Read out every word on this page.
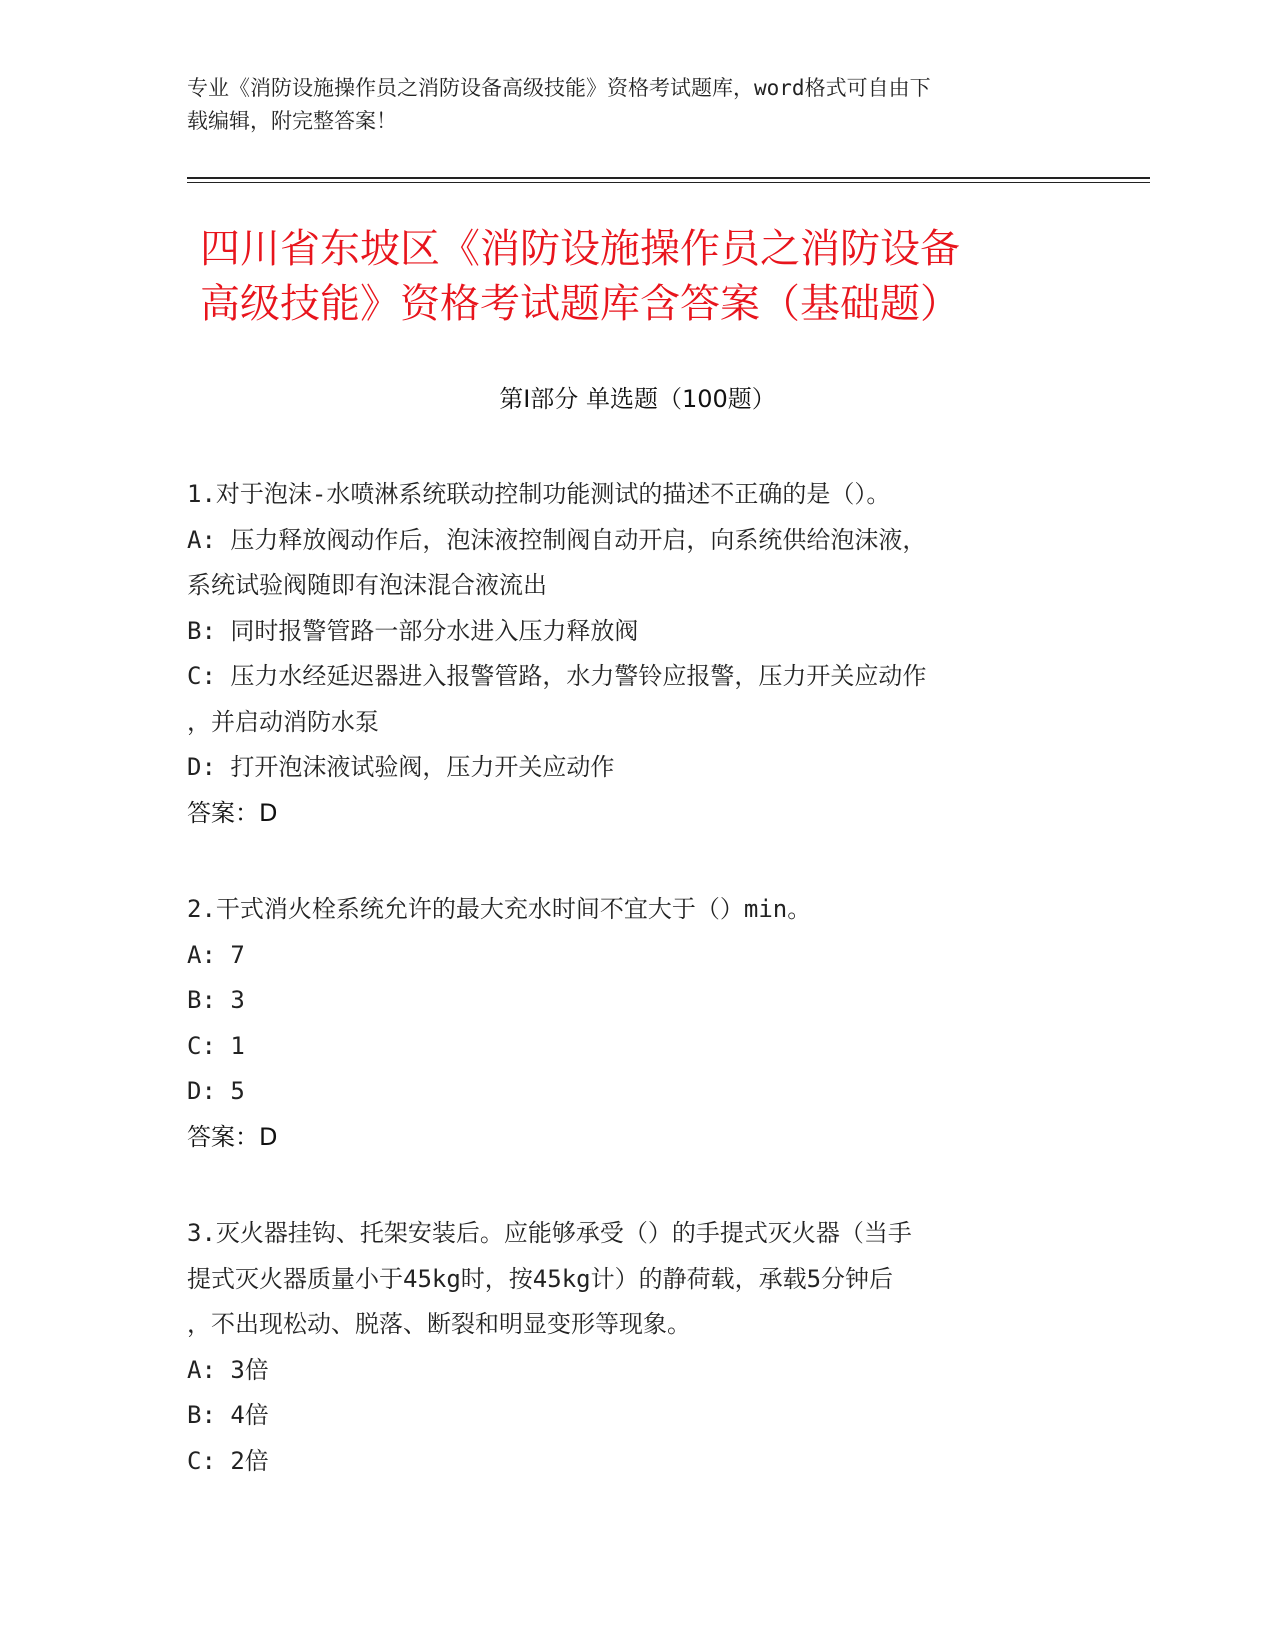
专业《消防设施操作员之消防设备高级技能》资格考试题库，word格式可自由下
载编辑，附完整答案！
四川省东坡区《消防设施操作员之消防设备
高级技能》资格考试题库含答案（基础题）
第Ⅰ部分 单选题（100题）
1.对于泡沫-水喷淋系统联动控制功能测试的描述不正确的是（）。
A: 压力释放阀动作后，泡沫液控制阀自动开启，向系统供给泡沫液，
系统试验阀随即有泡沫混合液流出
B: 同时报警管路一部分水进入压力释放阀
C: 压力水经延迟器进入报警管路，水力警铃应报警，压力开关应动作
，并启动消防水泵
D: 打开泡沫液试验阀，压力开关应动作
答案：D
2.干式消火栓系统允许的最大充水时间不宜大于（）min。
A: 7
B: 3
C: 1
D: 5
答案：D
3.灭火器挂钩、托架安装后。应能够承受（）的手提式灭火器（当手
提式灭火器质量小于45kg时，按45kg计）的静荷载，承载5分钟后
，不出现松动、脱落、断裂和明显变形等现象。
A: 3倍
B: 4倍
C: 2倍
